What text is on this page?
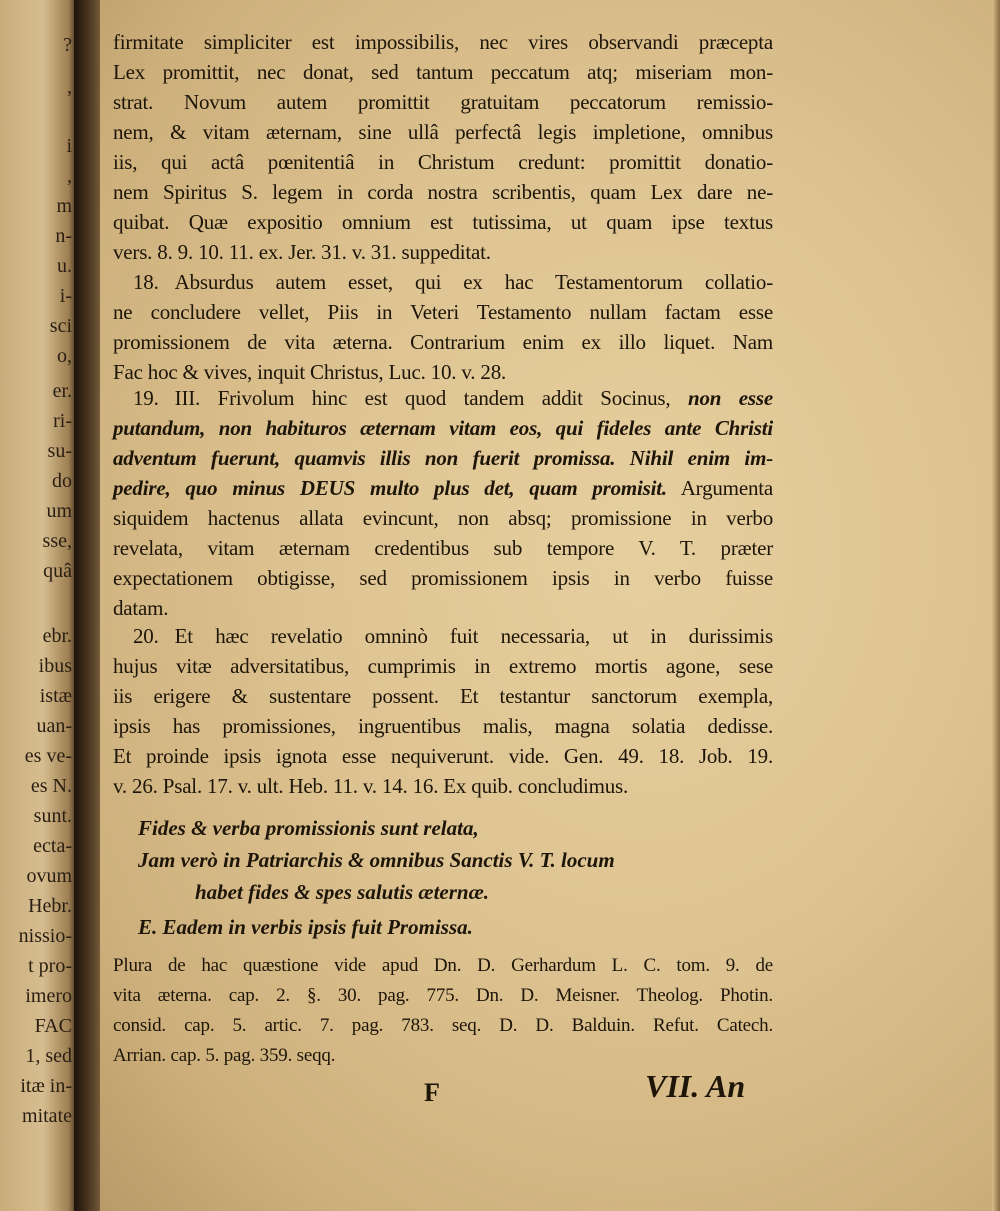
?
,
i
,
m
n-
u.
i-
sci
o,
er.
ri-
su-
do
um
sse,
quâ
ebr.
ibus
istæ
uan-
es ve-
es N.
sunt.
ecta-
ovum
Hebr.
nissio-
t pro-
imero
FAC
1, sed
itæ in-
mitate
firmitate simpliciter est impossibilis, nec vires observandi præcepta
Lex promittit, nec donat, sed tantum peccatum atq; miseriam mon-
strat. Novum autem promittit gratuitam peccatorum remissio-
nem, & vitam æternam, sine ullâ perfectâ legis impletione, omnibus
iis, qui actâ pœnitentiâ in Christum credunt: promittit donatio-
nem Spiritus S. legem in corda nostra scribentis, quam Lex dare ne-
quibat. Quæ expositio omnium est tutissima, ut quam ipse textus
vers. 8. 9. 10. 11. ex. Jer. 31. v. 31. suppeditat.
18. Absurdus autem esset, qui ex hac Testamentorum collatio-
ne concludere vellet, Piis in Veteri Testamento nullam factam esse
promissionem de vita æterna. Contrarium enim ex illo liquet. Nam
Fac hoc & vives, inquit Christus, Luc. 10. v. 28.
19. III. Frivolum hinc est quod tandem addit Socinus, non esse
putandum, non habituros æternam vitam eos, qui fideles ante Christi
adventum fuerunt, quamvis illis non fuerit promissa. Nihil enim im-
pedire, quo minus DEUS multo plus det, quam promisit. Argumenta
siquidem hactenus allata evincunt, non absq; promissione in verbo
revelata, vitam æternam credentibus sub tempore V. T. præter
expectationem obtigisse, sed promissionem ipsis in verbo fuisse
datam.
20. Et hæc revelatio omninò fuit necessaria, ut in durissimis
hujus vitæ adversitatibus, cumprimis in extremo mortis agone, sese
iis erigere & sustentare possent. Et testantur sanctorum exempla,
ipsis has promissiones, ingruentibus malis, magna solatia dedisse.
Et proinde ipsis ignota esse nequiverunt. vide. Gen. 49. 18. Job. 19.
v. 26. Psal. 17. v. ult. Heb. 11. v. 14. 16. Ex quib. concludimus.
Fides & verba promissionis sunt relata,
Jam verò in Patriarchis & omnibus Sanctis V. T. locum
habet fides & spes salutis æternæ.
E. Eadem in verbis ipsis fuit Promissa.
Plura de hac quæstione vide apud Dn. D. Gerhardum L. C. tom. 9. de
vita æterna. cap. 2. §. 30. pag. 775. Dn. D. Meisner. Theolog. Photin.
consid. cap. 5. artic. 7. pag. 783. seq. D. D. Balduin. Refut. Catech.
Arrian. cap. 5. pag. 359. seqq.
F	VII. An
